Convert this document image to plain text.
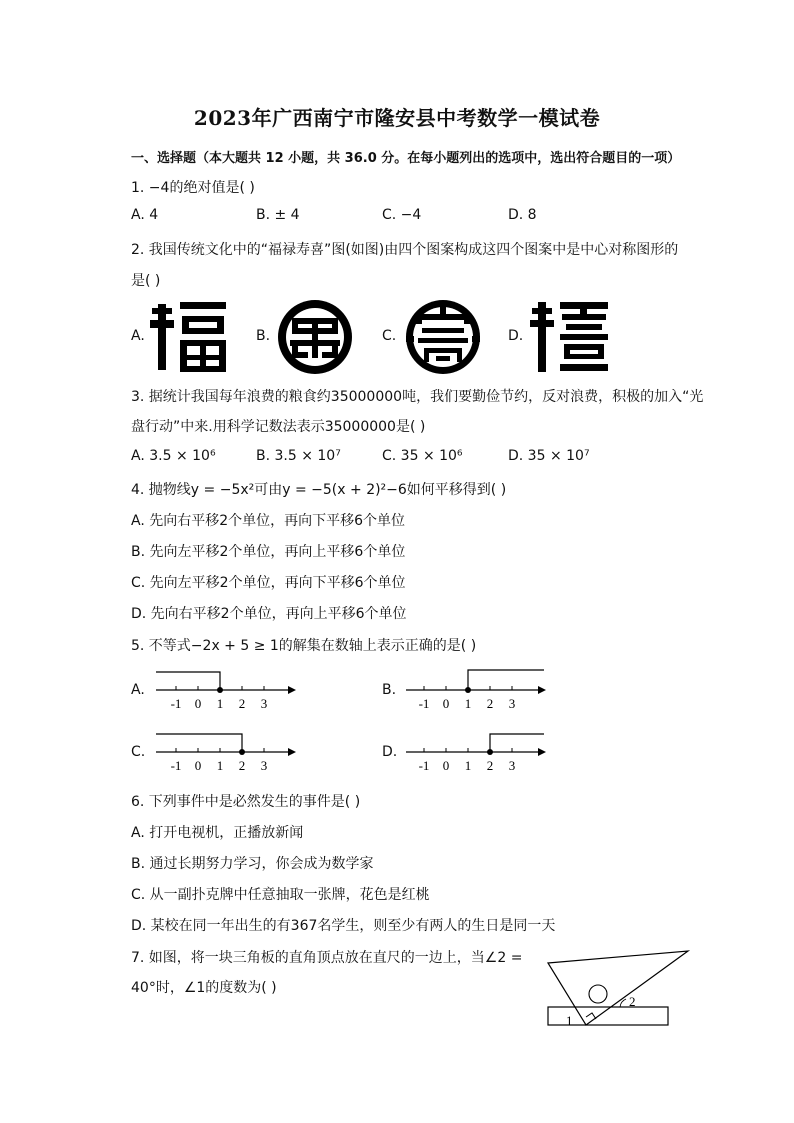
2023年广西南宁市隆安县中考数学一模试卷
一、选择题（本大题共 12 小题，共 36.0 分。在每小题列出的选项中，选出符合题目的一项）
1. −4的绝对值是( )
A. 4	B. ± 4	C. −4	D. 8
2. 我国传统文化中的“福禄寿喜”图(如图)由四个图案构成这四个图案中是中心对称图形的
是( )
A.	B.	C.	D.
3. 据统计我国每年浪费的粮食约35000000吨，我们要勤俭节约，反对浪费，积极的加入“光
盘行动”中来.用科学记数法表示35000000是( )
A. 3.5 × 10⁶	B. 3.5 × 10⁷	C. 35 × 10⁶	D. 35 × 10⁷
4. 抛物线y = −5x²可由y = −5(x + 2)²−6如何平移得到( )
A. 先向右平移2个单位，再向下平移6个单位
B. 先向左平移2个单位，再向上平移6个单位
C. 先向左平移2个单位，再向下平移6个单位
D. 先向右平移2个单位，再向上平移6个单位
5. 不等式−2x + 5 ≥ 1的解集在数轴上表示正确的是( )
A.	B.
C.	D.
-1 0 1 2 3	-1 0 1 2 3
-1 0 1 2 3	-1 0 1 2 3
6. 下列事件中是必然发生的事件是( )
A. 打开电视机，正播放新闻
B. 通过长期努力学习，你会成为数学家
C. 从一副扑克牌中任意抽取一张牌，花色是红桃
D. 某校在同一年出生的有367名学生，则至少有两人的生日是同一天
7. 如图，将一块三角板的直角顶点放在直尺的一边上，当∠2 =
40°时，∠1的度数为( )
1
2
